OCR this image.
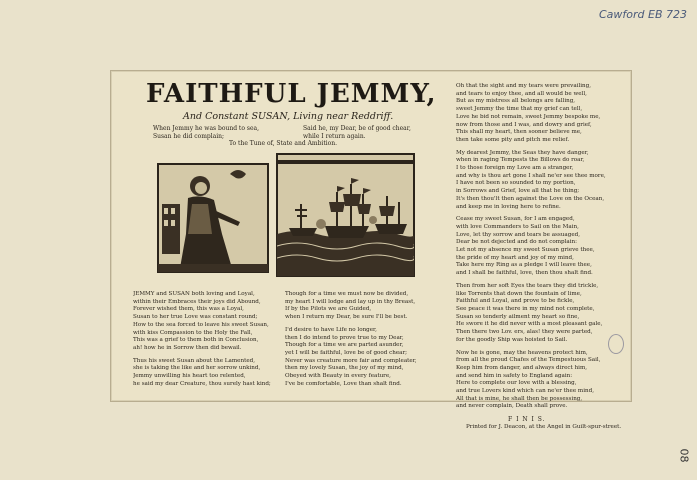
Cawford EB 723
08
FAITHFUL JEMMY,
And Constant SUSAN, Living near Reddriff.
When Jemmy he was bound to sea,
Susan he did complain;
Said he, my Dear, be of good chear,
while I return again.
To the Tune of, State and Ambition.
JEMMY and SUSAN both loving and Loyal,
within their Embraces their joys did Abound,
Forever wished them, this was a Loyal,
Susan to her true Love was constant round;
How to the sea forced to leave his sweet Susan,
with kiss Compassion to the Holy the Fall,
This was a grief to them both in Conclusion,
ah! how he in Sorrow then did bewail.
Thus his sweet Susan about the Lamented,
she is taking the like and her sorrow unkind,
Jemmy unwilling his heart too relented,
he said my dear Creature, thou surely hast kind;
Though for a time we must now be divided,
my heart I will lodge and lay up in thy Breast,
If by the Pilots we are Guided,
when I return my Dear, be sure I'll be best.
I'd desire to have Life no longer,
then I do intend to prove true to my Dear,
Though for a time we are parted asunder,
yet I will be faithful, love be of good chear;
Never was creature more fair and compleater,
then my lovely Susan, the joy of my mind,
Obeyed with Beauty in every feature,
I've be comfortable, Love than shalt find.
Oh that the sight and my tears were prevailing,
and tears to enjoy thee, and all would be well,
But as my mistress all belongs are falling,
sweet Jemmy the time that my grief can tell,
Love he bid not remain, sweet Jemmy bespoke me,
now from those and I was, and dowry and grief,
This shall my heart, then sooner believe me,
then take some pity and pitch me relief.
My dearest Jemmy, the Seas they have danger,
when in raging Tempests the Billows do roar,
I to those foreign my Love am a stranger,
and why is thou art gone I shall ne'er see thee more,
I have not been so sounded to my portion,
in Sorrows and Grief, love all that he thing;
It's then thou'lt then against the Love on the Ocean,
and keep me in loving here to refine.
Cease my sweet Susan, for I am engaged,
with love Commanders to Sail on the Main,
Love, let thy sorrow and tears be assuaged,
Dear be not dejected and do not complain:
Let not my absence my sweet Susan grieve thee,
the pride of my heart and joy of my mind,
Take here my Ring as a pledge I will leave thee,
and I shall be faithful, love, then thou shalt find.
Then from her soft Eyes the tears they did trickle,
like Torrents that down the fountain of lime,
Faithful and Loyal, and prove to be fickle,
See peace it was there in my mind not complete,
Susan so tenderly ailment my heart so fine,
He swore it he did never with a most pleasant gale,
Then there two Lov. ers, alas! they were parted,
for the goodly Ship was hoisted to Sail.
Now he is gone, may the heavens protect him,
from all the proud Chafes of the Tempestuous Sail,
Keep him from danger, and always direct him,
and send him in safety to England again:
Here to complete our love with a blessing,
and true Lovers kind which can ne'er thee mind,
All that is mine, he shall then be possessing,
and never complain, Death shall prove.
F I N I S.
Printed for J. Deacon, at the Angel in Guilt-spur-street.
